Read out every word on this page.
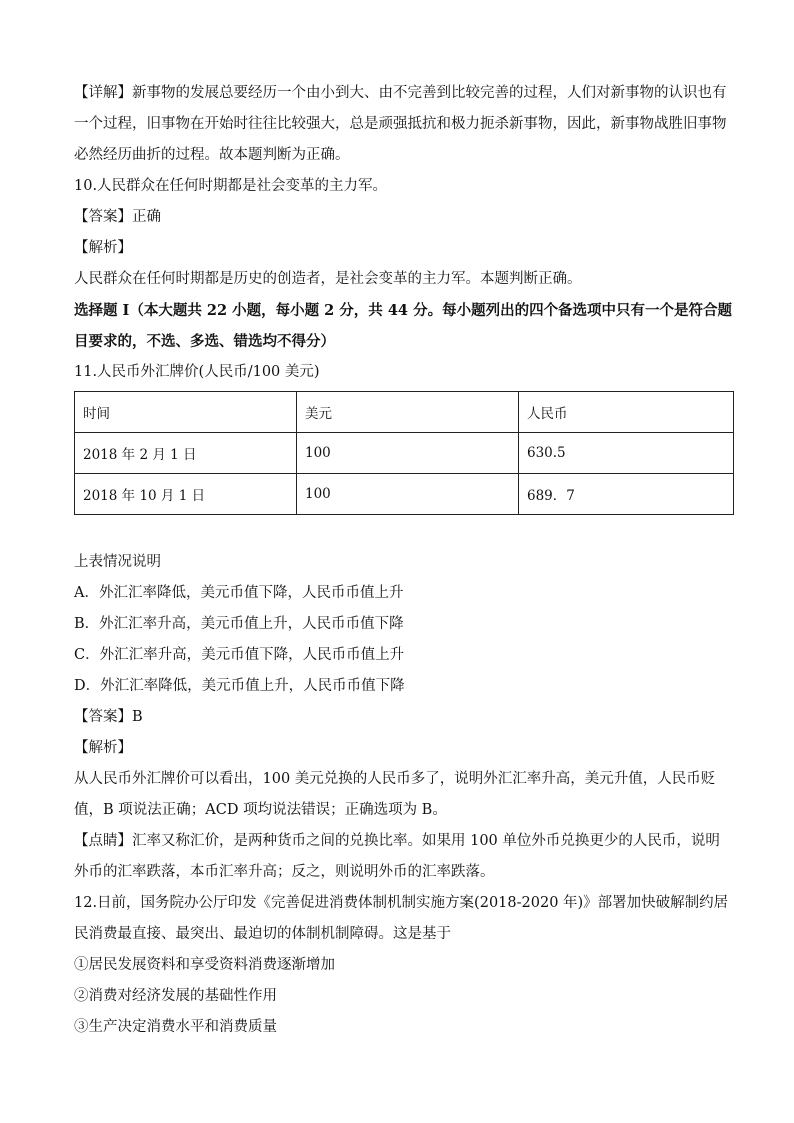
【详解】新事物的发展总要经历一个由小到大、由不完善到比较完善的过程，人们对新事物的认识也有一个过程，旧事物在开始时往往比较强大，总是顽强抵抗和极力扼杀新事物，因此，新事物战胜旧事物必然经历曲折的过程。故本题判断为正确。

10.人民群众在任何时期都是社会变革的主力军。

【答案】正确

【解析】

人民群众在任何时期都是历史的创造者，是社会变革的主力军。本题判断正确。

选择题 I（本大题共 22 小题，每小题 2 分，共 44 分。每小题列出的四个备选项中只有一个是符合题目要求的，不选、多选、错选均不得分）

11.人民币外汇牌价(人民币/100 美元)

时间	美元	人民币
2018 年 2 月 1 日	100	630.5
2018 年 10 月 1 日	100	689．7

上表情况说明

A．外汇汇率降低，美元币值下降，人民币币值上升

B．外汇汇率升高，美元币值上升，人民币币值下降

C．外汇汇率升高，美元币值下降，人民币币值上升

D．外汇汇率降低，美元币值上升，人民币币值下降

【答案】B

【解析】

从人民币外汇牌价可以看出，100 美元兑换的人民币多了，说明外汇汇率升高，美元升值，人民币贬值，B 项说法正确；ACD 项均说法错误；正确选项为 B。

【点睛】汇率又称汇价，是两种货币之间的兑换比率。如果用 100 单位外币兑换更少的人民币，说明外币的汇率跌落，本币汇率升高；反之，则说明外币的汇率跌落。

12.日前，国务院办公厅印发《完善促进消费体制机制实施方案(2018-2020 年)》部署加快破解制约居民消费最直接、最突出、最迫切的体制机制障碍。这是基于

①居民发展资料和享受资料消费逐渐增加

②消费对经济发展的基础性作用

③生产决定消费水平和消费质量
